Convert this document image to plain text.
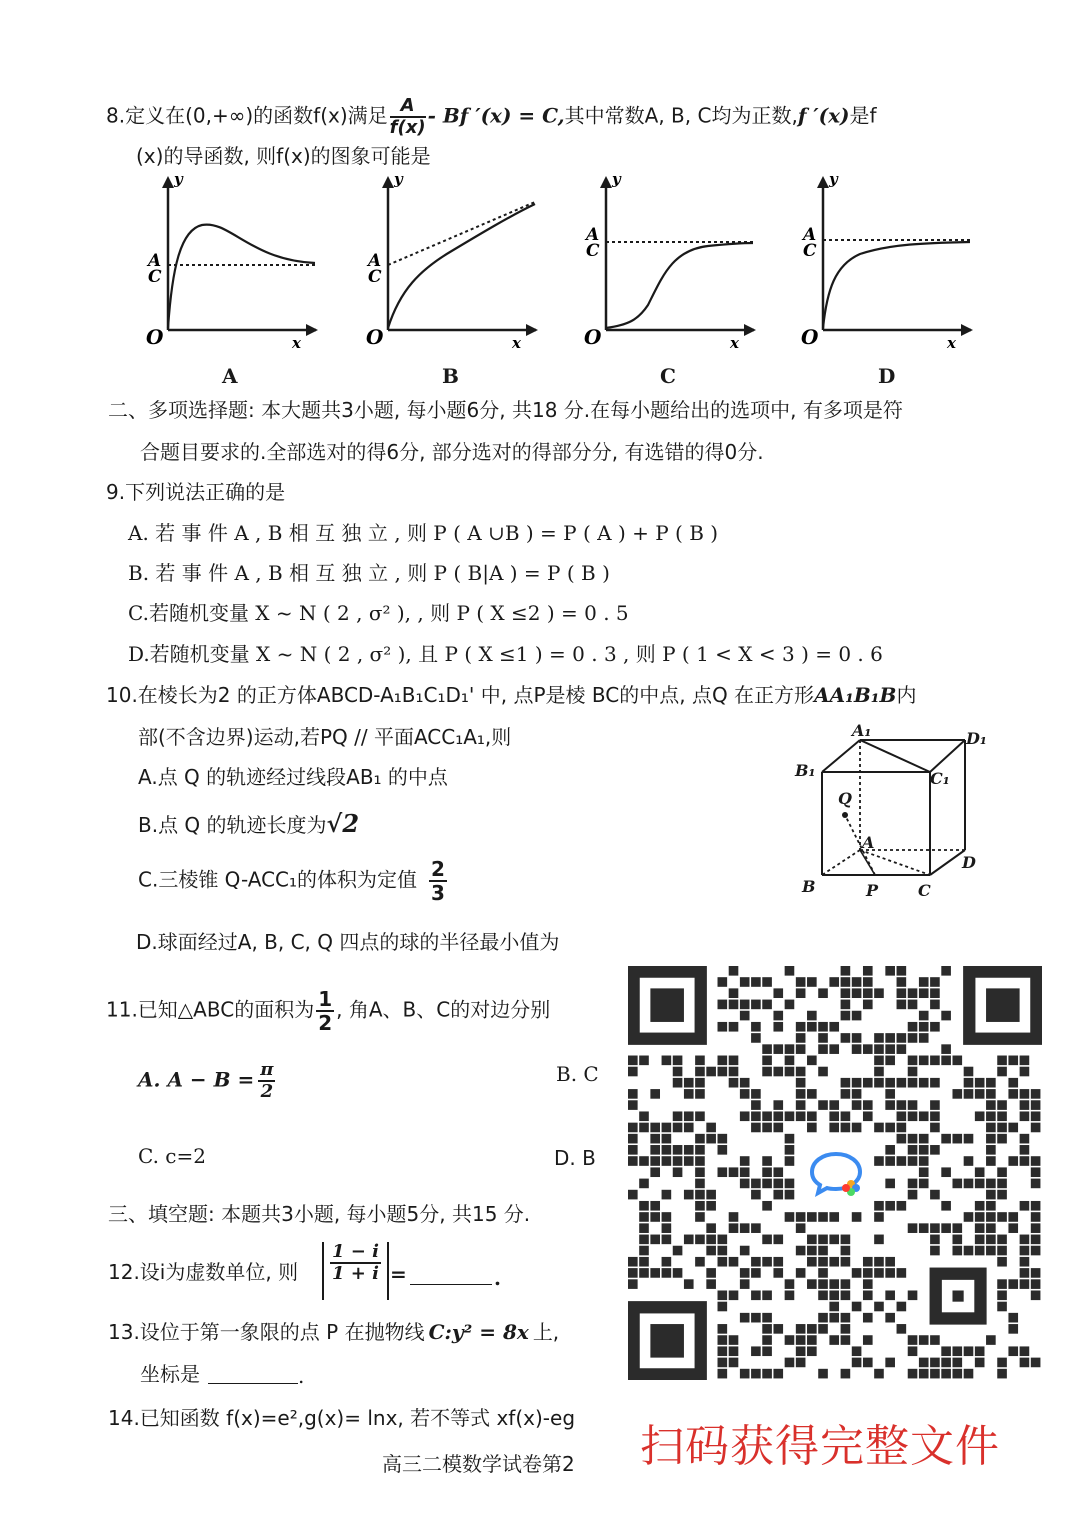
8.定义在(0,+∞)的函数f(x)满足 $\frac{A}{f(x)}$ - Bf ′(x) = C,其中常数A, B, C均为正数,f ′(x)是f
(x)的导函数, 则f(x)的图象可能是
y
x
O
A
C
A
y
x
O
A
C
B
y
x
O
A
C
C
y
x
O
A
C
D
二、多项选择题: 本大题共3小题, 每小题6分, 共18 分.在每小题给出的选项中, 有多项是符
合题目要求的.全部选对的得6分, 部分选对的得部分分, 有选错的得0分.
9.下列说法正确的是
A. 若 事 件 A , B 相 互 独 立 , 则 P ( A ∪B ) = P ( A ) + P ( B )
B. 若 事 件 A , B 相 互 独 立 , 则 P ( B|A ) = P ( B )
C.若随机变量 X ~ N ( 2 , σ² ), , 则 P ( X ≤2 ) = 0 . 5
D.若随机变量 X ~ N ( 2 , σ² ), 且 P ( X ≤1 ) = 0 . 3 , 则 P ( 1 < X < 3 ) = 0 . 6
10.在棱长为2 的正方体ABCD-A₁B₁C₁D₁' 中, 点P是棱 BC的中点, 点Q 在正方形AA₁B₁B内
部(不含边界)运动,若PQ // 平面ACC₁A₁,则
A.点 Q 的轨迹经过线段AB₁ 的中点
B.点 Q 的轨迹长度为√2
C.三棱锥 Q-ACC₁的体积为定值 $\frac{2}{3}$
D.球面经过A, B, C, Q 四点的球的半径最小值为
A₁	D₁
B₁	C₁
Q
A
D
B	P C
11.已知△ABC的面积为 $\frac{1}{2}$ , 角A、B、C的对边分别
A. $A - B = \frac{\pi}{2}$	B. C
C. c=2	D. B
三、填空题: 本题共3小题, 每小题5分, 共15 分.
12.设i为虚数单位, 则 $\frac{1 - i}{1 + i}$ =	.
13.设位于第一象限的点 P 在抛物线 C:y² = 8x 上,
坐标是	.
14.已知函数 f(x)=e²,g(x)= lnx, 若不等式 xf(x)-eg
高三二模数学试卷第2 扫码获得完整文件
